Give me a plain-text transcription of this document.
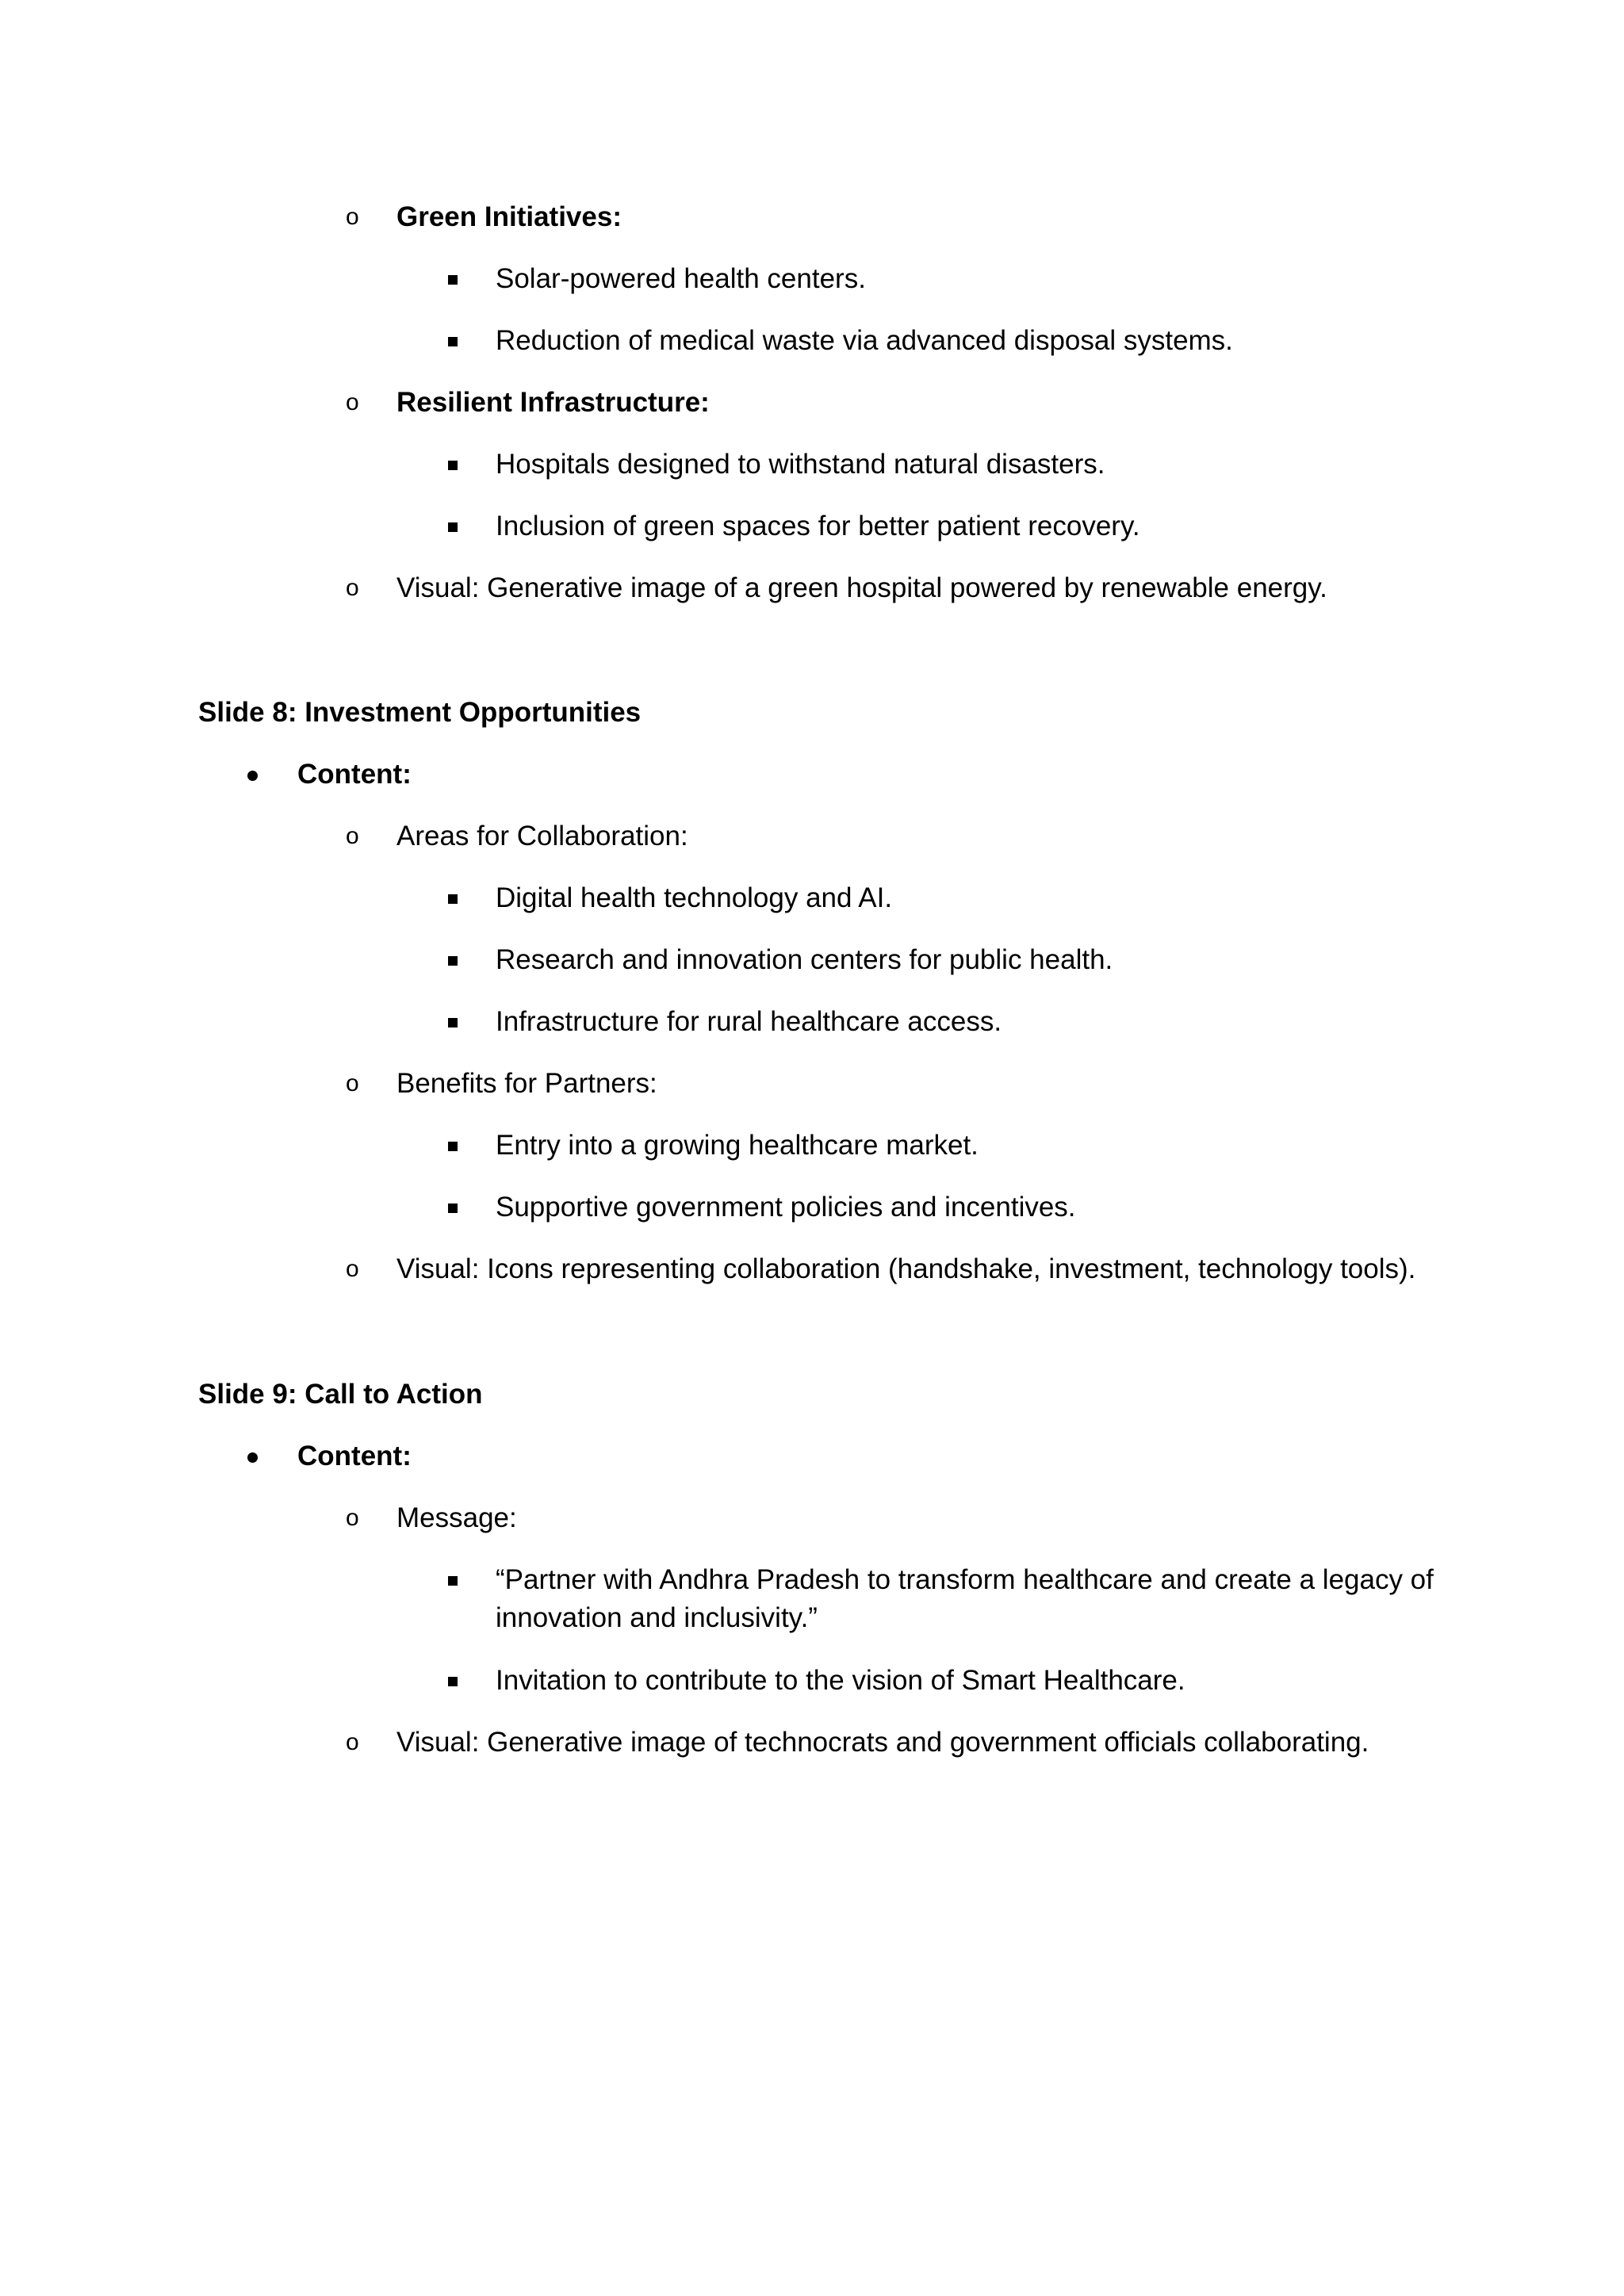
o Green Initiatives:
Solar-powered health centers.
Reduction of medical waste via advanced disposal systems.
o Resilient Infrastructure:
Hospitals designed to withstand natural disasters.
Inclusion of green spaces for better patient recovery.
o Visual: Generative image of a green hospital powered by renewable energy.
Slide 8: Investment Opportunities
Content:
o Areas for Collaboration:
Digital health technology and AI.
Research and innovation centers for public health.
Infrastructure for rural healthcare access.
o Benefits for Partners:
Entry into a growing healthcare market.
Supportive government policies and incentives.
o Visual: Icons representing collaboration (handshake, investment, technology tools).
Slide 9: Call to Action
Content:
o Message:
“Partner with Andhra Pradesh to transform healthcare and create a legacy of innovation and inclusivity.”
Invitation to contribute to the vision of Smart Healthcare.
o Visual: Generative image of technocrats and government officials collaborating.
